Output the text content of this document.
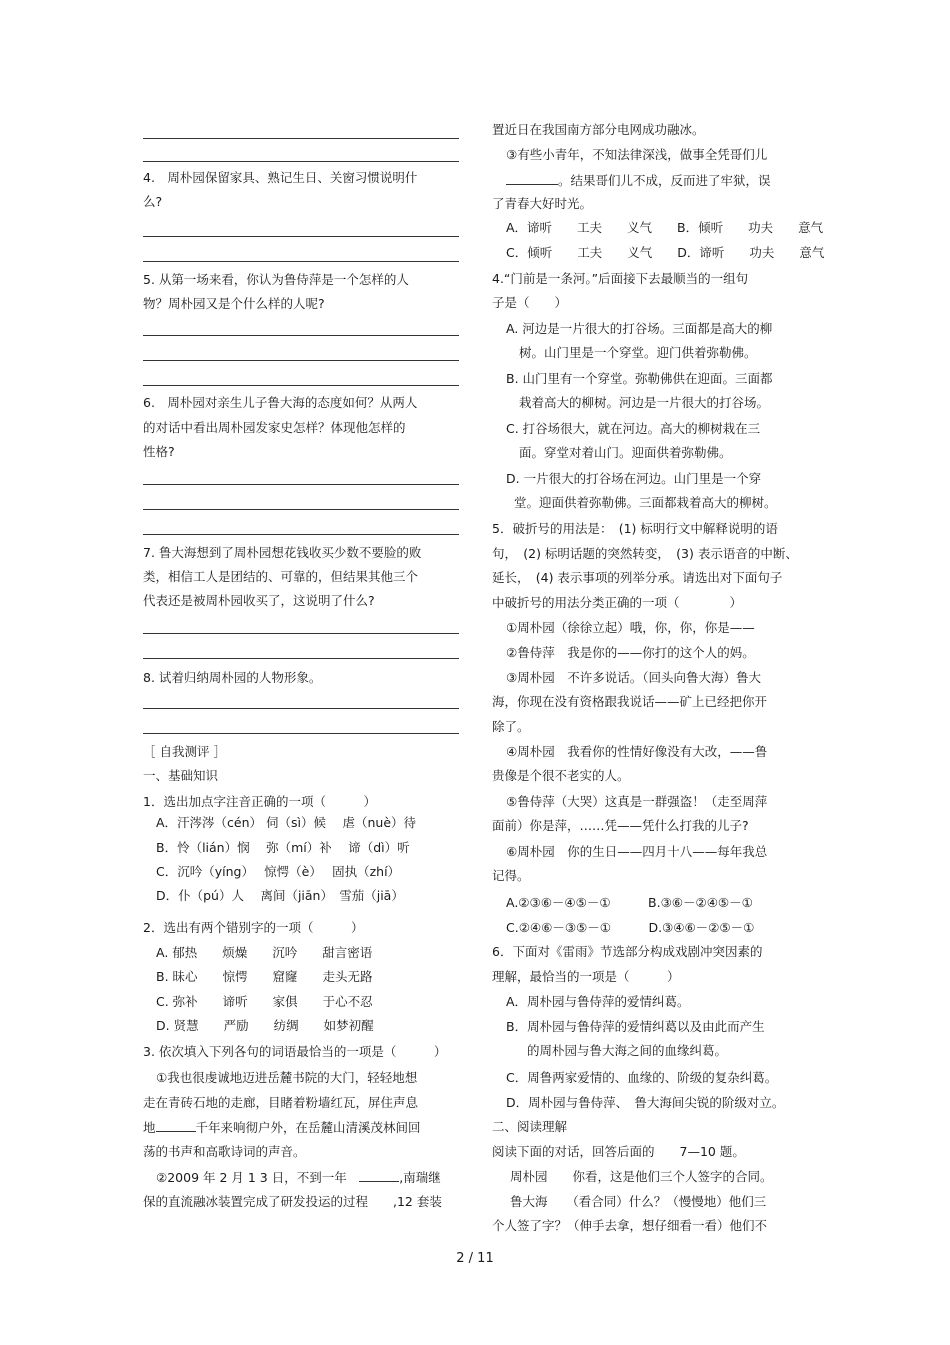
4.　周朴园保留家具、熟记生日、关窗习惯说明什
么?
5. 从第一场来看，你认为鲁侍萍是一个怎样的人
物？周朴园又是个什么样的人呢?
6.　周朴园对亲生儿子鲁大海的态度如何？从两人
的对话中看出周朴园发家史怎样？体现他怎样的
性格?
7. 鲁大海想到了周朴园想花钱收买少数不要脸的败
类，相信工人是团结的、可靠的，但结果其他三个
代表还是被周朴园收买了，这说明了什么?
8. 试着归纳周朴园的人物形象。
［ 自我测评 ］
一、基础知识
1．选出加点字注音正确的一项（　　　）
A．汗涔涔（cén） 伺（sì）候　 虐（nuè）待
B．怜（lián）悯　 弥（mí）补　 谛（dì）听
C．沉吟（yíng）　 惊愕（è）　 固执（zhí）
D．仆（pú）人　 离间（jiān）　雪茄（jiā）
2．选出有两个错别字的一项（　　　）
A. 郁热　　烦燥　　沉吟　　甜言密语
B. 昧心　　惊愕　　窟窿　　走头无路
C. 弥补　　谛听　　家俱　　于心不忍
D. 贤慧　　严励　　纺绸　　如梦初醒
3. 依次填入下列各句的词语最恰当的一项是（　　　）
①我也很虔诚地迈进岳麓书院的大门，轻轻地想
走在青砖石地的走廊，目睹着粉墙红瓦，屏住声息
地	千年来响彻户外，在岳麓山清溪茂林间回
荡的书声和高歌诗词的声音。
②2009 年 2 月 1 3 日，不到一年　	,南瑞继
保的直流融冰装置完成了研发投运的过程　　,12 套装
置近日在我国南方部分电网成功融冰。
③有些小青年，不知法律深浅，做事全凭哥们儿
。结果哥们儿不成，反而进了牢狱，误
了青春大好时光。
A．谛听　　工夫　　义气　　B．倾听　　功夫　　意气
C．倾听　　工夫　　义气　　D．谛听　　功夫　　意气
4.“门前是一条河。”后面接下去最顺当的一组句
子是（　　）
A. 河边是一片很大的打谷场。三面都是高大的柳
树。山门里是一个穿堂。迎门供着弥勒佛。
B. 山门里有一个穿堂。弥勒佛供在迎面。三面都
栽着高大的柳树。河边是一片很大的打谷场。
C. 打谷场很大，就在河边。高大的柳树栽在三
面。穿堂对着山门。迎面供着弥勒佛。
D. 一片很大的打谷场在河边。山门里是一个穿
堂。迎面供着弥勒佛。三面都栽着高大的柳树。
5．破折号的用法是：　(1) 标明行文中解释说明的语
句，　(2) 标明话题的突然转变，　(3) 表示语音的中断、
延长，　(4) 表示事项的列举分承。请选出对下面句子
中破折号的用法分类正确的一项（　　　　）
①周朴园（徐徐立起）哦，你，你，你是——
②鲁侍萍　我是你的——你打的这个人的妈。
③周朴园　不许多说话。（回头向鲁大海）鲁大
海，你现在没有资格跟我说话——矿上已经把你开
除了。
④周朴园　我看你的性情好像没有大改，——鲁
贵像是个很不老实的人。
⑤鲁侍萍（大哭）这真是一群强盗！（走至周萍
面前）你是萍，……凭——凭什么打我的儿子?
⑥周朴园　你的生日——四月十八——每年我总
记得。
A.②③⑥－④⑤－①　　　B.③⑥－②④⑤－①
C.②④⑥－③⑤－①　　　D.③④⑥－②⑤－①
6．下面对《雷雨》节选部分构成戏剧冲突因素的
理解，最恰当的一项是（　　　）
A．周朴园与鲁侍萍的爱情纠葛。
B．周朴园与鲁侍萍的爱情纠葛以及由此而产生
的周朴园与鲁大海之间的血缘纠葛。
C．周鲁两家爱情的、血缘的、阶级的复杂纠葛。
D．周朴园与鲁侍萍、　鲁大海间尖锐的阶级对立。
二、阅读理解
阅读下面的对话，回答后面的　　7—10 题。
周朴园　　你看，这是他们三个人签字的合同。
鲁大海　　（看合同）什么？（慢慢地）他们三
个人签了字？（伸手去拿，想仔细看一看）他们不
2 / 11
